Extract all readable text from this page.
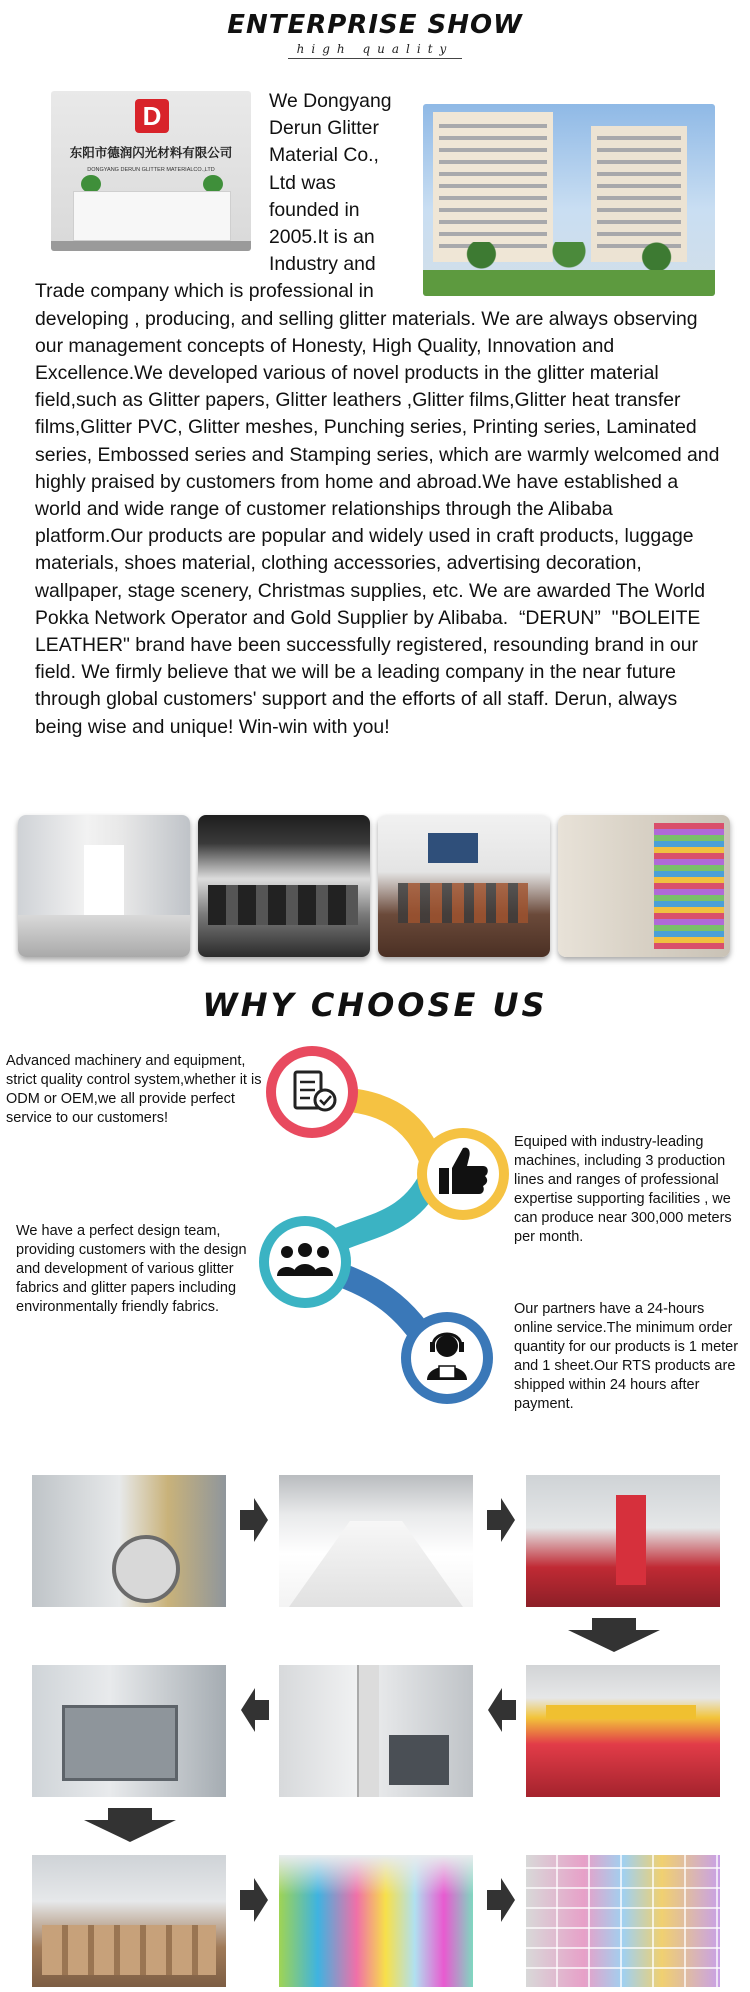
ENTERPRISE SHOW
high quality
D
东阳市德润闪光材料有限公司
DONGYANG DERUN GLITTER MATERIALCO.,LTD
We Dongyang Derun Glitter Material Co., Ltd was founded in 2005.It is an Industry and Trade company which is professional in developing , producing, and selling glitter materials. We are always observing our management concepts of Honesty, High Quality, Innovation and Excellence.We developed various of novel products in the glitter material field,such as Glitter papers, Glitter leathers ,Glitter films,Glitter heat transfer films,Glitter PVC, Glitter meshes, Punching series, Printing series, Laminated series, Embossed series and Stamping series, which are warmly welcomed and highly praised by customers from home and abroad.We have established a world and wide range of customer relationships through the Alibaba platform.Our products are popular and widely used in craft products, luggage materials, shoes material, clothing accessories, advertising decoration, wallpaper, stage scenery, Christmas supplies, etc. We are awarded The World Pokka Network Operator and Gold Supplier by Alibaba.  “DERUN”  "BOLEITE LEATHER" brand have been successfully registered, resounding brand in our field. We firmly believe that we will be a leading company in the near future through global customers' support and the efforts of all staff. Derun, always being wise and unique! Win-win with you!
WHY CHOOSE US
Advanced machinery and equipment, strict quality control system,whether it is ODM or OEM,we all provide perfect service to our customers!
Equiped with industry-leading machines, including 3 production lines and ranges of professional expertise supporting facilities , we can produce near 300,000 meters per month.
We have a perfect design team, providing customers with the design and development of various glitter fabrics and glitter papers including environmentally friendly fabrics.	Our partners have a 24-hours online service.The minimum order quantity for our products is 1 meter and 1 sheet.Our RTS products are shipped within 24 hours after payment.
